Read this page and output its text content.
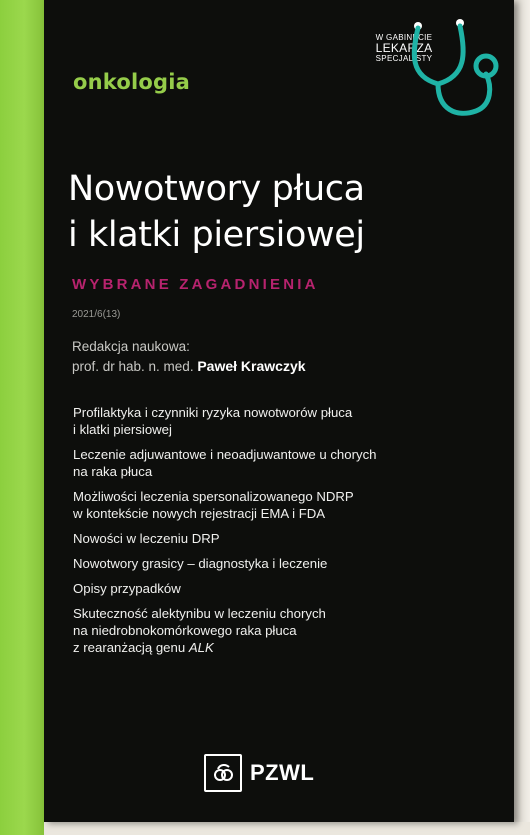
onkologia
W GABINECIE
LEKARZA
SPECJALISTY
Nowotwory płuca
i klatki piersiowej
WYBRANE ZAGADNIENIA
2021/6(13)
Redakcja naukowa:
prof. dr hab. n. med. Paweł Krawczyk
Profilaktyka i czynniki ryzyka nowotworów płuca
i klatki piersiowej
Leczenie adjuwantowe i neoadjuwantowe u chorych
na raka płuca
Możliwości leczenia spersonalizowanego NDRP
w kontekście nowych rejestracji EMA i FDA
Nowości w leczeniu DRP
Nowotwory grasicy – diagnostyka i leczenie
Opisy przypadków
Skuteczność alektynibu w leczeniu chorych
na niedrobnokomórkowego raka płuca
z rearanżacją genu ALK
PZWL
